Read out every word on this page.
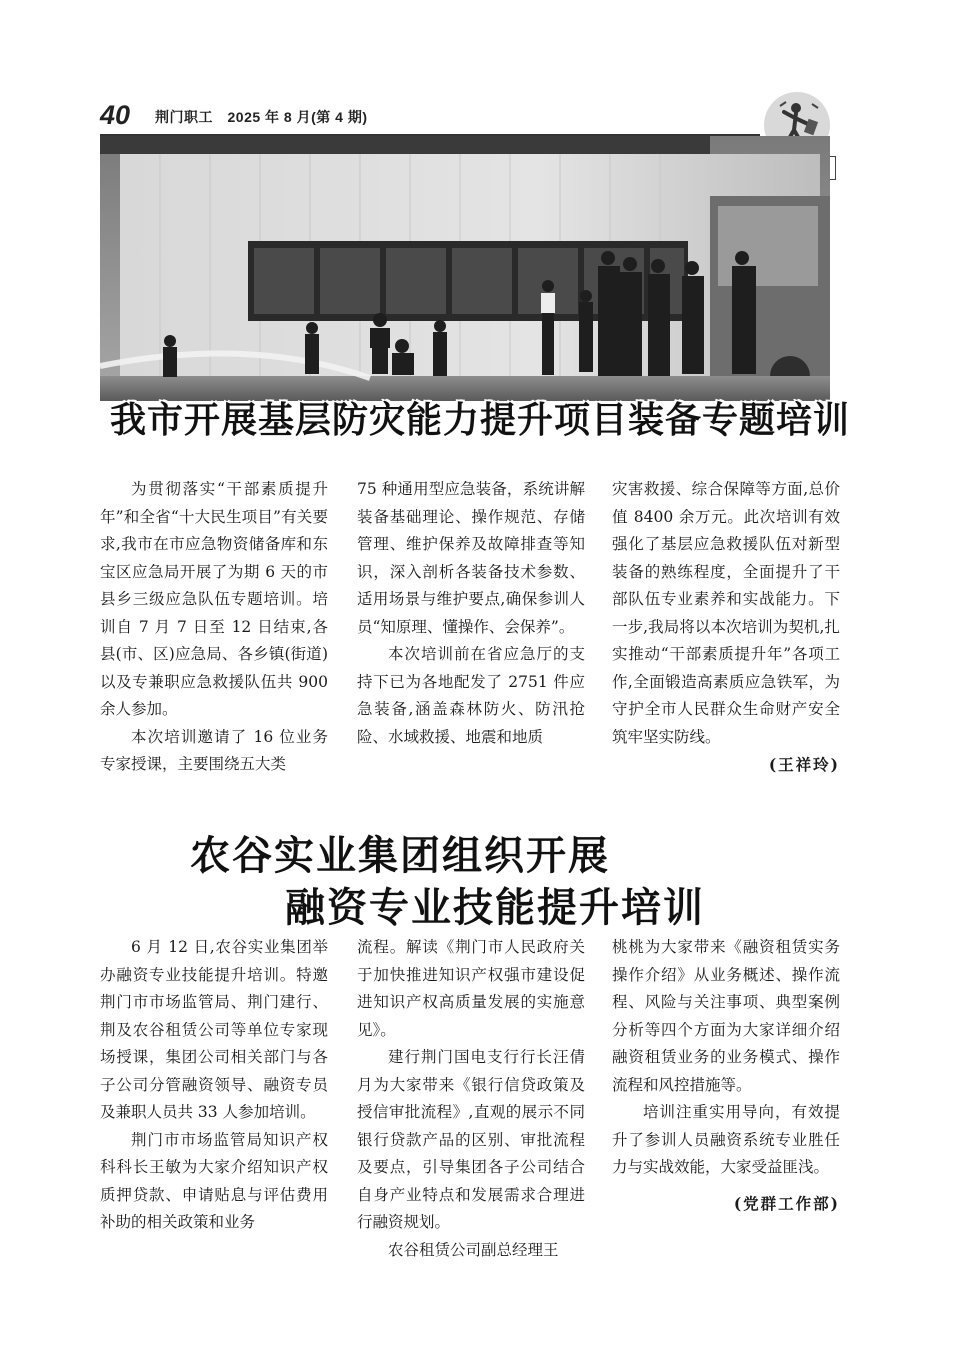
40 荆门职工　2025 年 8 月(第 4 期)
我市开展基层防灾能力提升项目装备专题培训

为贯彻落实“干部素质提升年”和全省“十大民生项目”有关要求,我市在市应急物资储备库和东宝区应急局开展了为期 6 天的市县乡三级应急队伍专题培训。培训自 7 月 7 日至 12 日结束,各县(市、区)应急局、各乡镇(街道)以及专兼职应急救援队伍共 900 余人参加。

本次培训邀请了 16 位业务专家授课，主要围绕五大类

75 种通用型应急装备，系统讲解装备基础理论、操作规范、存储管理、维护保养及故障排查等知识，深入剖析各装备技术参数、适用场景与维护要点,确保参训人员“知原理、懂操作、会保养”。

本次培训前在省应急厅的支持下已为各地配发了 2751 件应急装备,涵盖森林防火、防汛抢险、水域救援、地震和地质

灾害救援、综合保障等方面,总价值 8400 余万元。此次培训有效强化了基层应急救援队伍对新型装备的熟练程度，全面提升了干部队伍专业素养和实战能力。下一步,我局将以本次培训为契机,扎实推动“干部素质提升年”各项工作,全面锻造高素质应急铁军，为守护全市人民群众生命财产安全筑牢坚实防线。

(王祥玲)
农谷实业集团组织开展
融资专业技能提升培训

6 月 12 日,农谷实业集团举办融资专业技能提升培训。特邀荆门市市场监管局、荆门建行、荆及农谷租赁公司等单位专家现场授课，集团公司相关部门与各子公司分管融资领导、融资专员及兼职人员共 33 人参加培训。

荆门市市场监管局知识产权科科长王敏为大家介绍知识产权质押贷款、申请贴息与评估费用补助的相关政策和业务

流程。解读《荆门市人民政府关于加快推进知识产权强市建设促进知识产权高质量发展的实施意见》。

建行荆门国电支行行长汪倩月为大家带来《银行信贷政策及授信审批流程》,直观的展示不同银行贷款产品的区别、审批流程及要点，引导集团各子公司结合自身产业特点和发展需求合理进行融资规划。

农谷租赁公司副总经理王

桃桃为大家带来《融资租赁实务操作介绍》从业务概述、操作流程、风险与关注事项、典型案例分析等四个方面为大家详细介绍融资租赁业务的业务模式、操作流程和风控措施等。

培训注重实用导向，有效提升了参训人员融资系统专业胜任力与实战效能，大家受益匪浅。

(党群工作部)
